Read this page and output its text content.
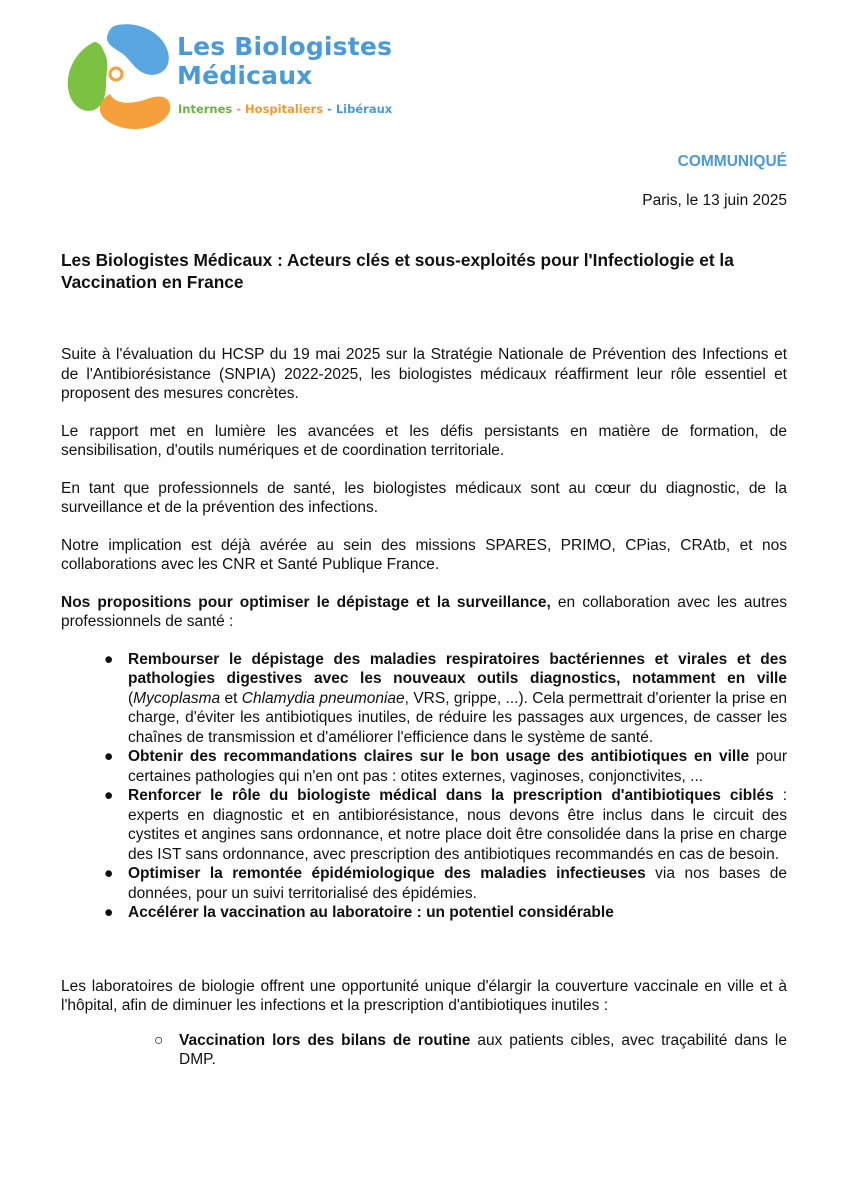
Les Biologistes
Médicaux
Internes - Hospitaliers - Libéraux
COMMUNIQUÉ
Paris, le 13 juin 2025
Les Biologistes Médicaux : Acteurs clés et sous-exploités pour l'Infectiologie et la Vaccination en France

Suite à l'évaluation du HCSP du 19 mai 2025 sur la Stratégie Nationale de Prévention des Infections et de l'Antibiorésistance (SNPIA) 2022-2025, les biologistes médicaux réaffirment leur rôle essentiel et proposent des mesures concrètes.

Le rapport met en lumière les avancées et les défis persistants en matière de formation, de sensibilisation, d'outils numériques et de coordination territoriale.

En tant que professionnels de santé, les biologistes médicaux sont au cœur du diagnostic, de la surveillance et de la prévention des infections.

Notre implication est déjà avérée au sein des missions SPARES, PRIMO, CPias, CRAtb, et nos collaborations avec les CNR et Santé Publique France.

Nos propositions pour optimiser le dépistage et la surveillance, en collaboration avec les autres professionnels de santé :

● Rembourser le dépistage des maladies respiratoires bactériennes et virales et des pathologies digestives avec les nouveaux outils diagnostics, notamment en ville (Mycoplasma et Chlamydia pneumoniae, VRS, grippe, ...). Cela permettrait d'orienter la prise en charge, d'éviter les antibiotiques inutiles, de réduire les passages aux urgences, de casser les chaînes de transmission et d'améliorer l'efficience dans le système de santé.
● Obtenir des recommandations claires sur le bon usage des antibiotiques en ville pour certaines pathologies qui n'en ont pas : otites externes, vaginoses, conjonctivites, ...
● Renforcer le rôle du biologiste médical dans la prescription d'antibiotiques ciblés : experts en diagnostic et en antibiorésistance, nous devons être inclus dans le circuit des cystites et angines sans ordonnance, et notre place doit être consolidée dans la prise en charge des IST sans ordonnance, avec prescription des antibiotiques recommandés en cas de besoin.
● Optimiser la remontée épidémiologique des maladies infectieuses via nos bases de données, pour un suivi territorialisé des épidémies.
● Accélérer la vaccination au laboratoire : un potentiel considérable

Les laboratoires de biologie offrent une opportunité unique d'élargir la couverture vaccinale en ville et à l'hôpital, afin de diminuer les infections et la prescription d'antibiotiques inutiles :

○ Vaccination lors des bilans de routine aux patients cibles, avec traçabilité dans le DMP.
